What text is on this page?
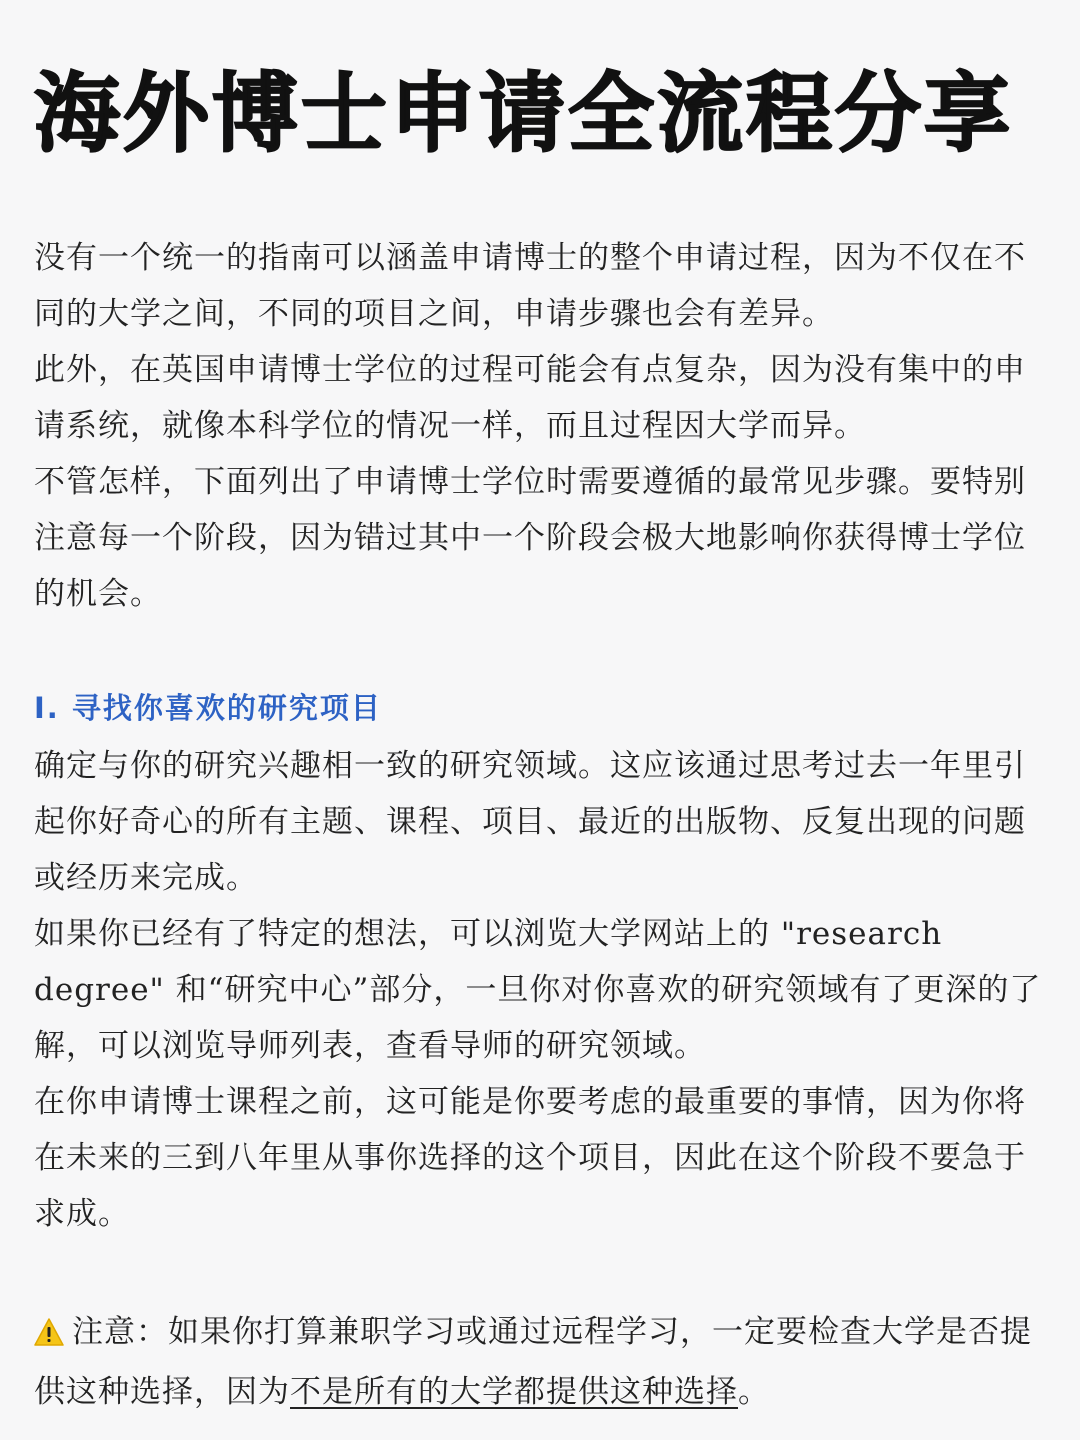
海外博士申请全流程分享

没有一个统一的指南可以涵盖申请博士的整个申请过程，因为不仅在不同的大学之间，不同的项目之间，申请步骤也会有差异。

此外，在英国申请博士学位的过程可能会有点复杂，因为没有集中的申请系统，就像本科学位的情况一样，而且过程因大学而异。

不管怎样，下面列出了申请博士学位时需要遵循的最常见步骤。要特别注意每一个阶段，因为错过其中一个阶段会极大地影响你获得博士学位的机会。

Ⅰ. 寻找你喜欢的研究项目

确定与你的研究兴趣相一致的研究领域。这应该通过思考过去一年里引起你好奇心的所有主题、课程、项目、最近的出版物、反复出现的问题或经历来完成。

如果你已经有了特定的想法，可以浏览大学网站上的 "research degree" 和“研究中心”部分，一旦你对你喜欢的研究领域有了更深的了解，可以浏览导师列表，查看导师的研究领域。

在你申请博士课程之前，这可能是你要考虑的最重要的事情，因为你将在未来的三到八年里从事你选择的这个项目，因此在这个阶段不要急于求成。

注意：如果你打算兼职学习或通过远程学习，一定要检查大学是否提供这种选择，因为不是所有的大学都提供这种选择。
